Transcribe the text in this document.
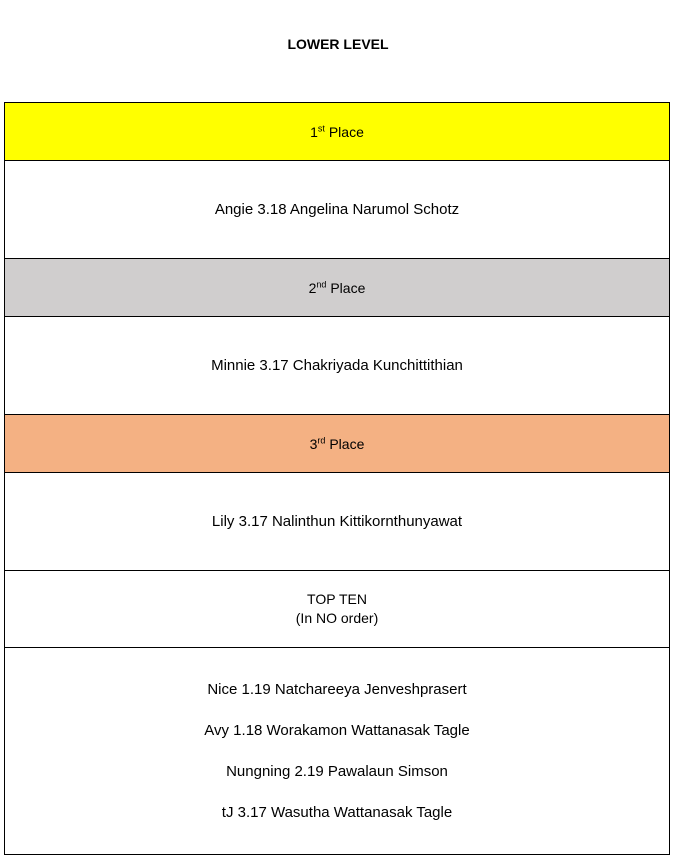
LOWER LEVEL
1st Place
Angie 3.18 Angelina Narumol Schotz
2nd Place
Minnie 3.17 Chakriyada Kunchittithian
3rd Place
Lily 3.17 Nalinthun Kittikornthunyawat
TOP TEN
(In NO order)

Nice 1.19 Natchareeya Jenveshprasert
Avy 1.18 Worakamon Wattanasak Tagle
Nungning 2.19 Pawalaun Simson
tJ 3.17 Wasutha Wattanasak Tagle
